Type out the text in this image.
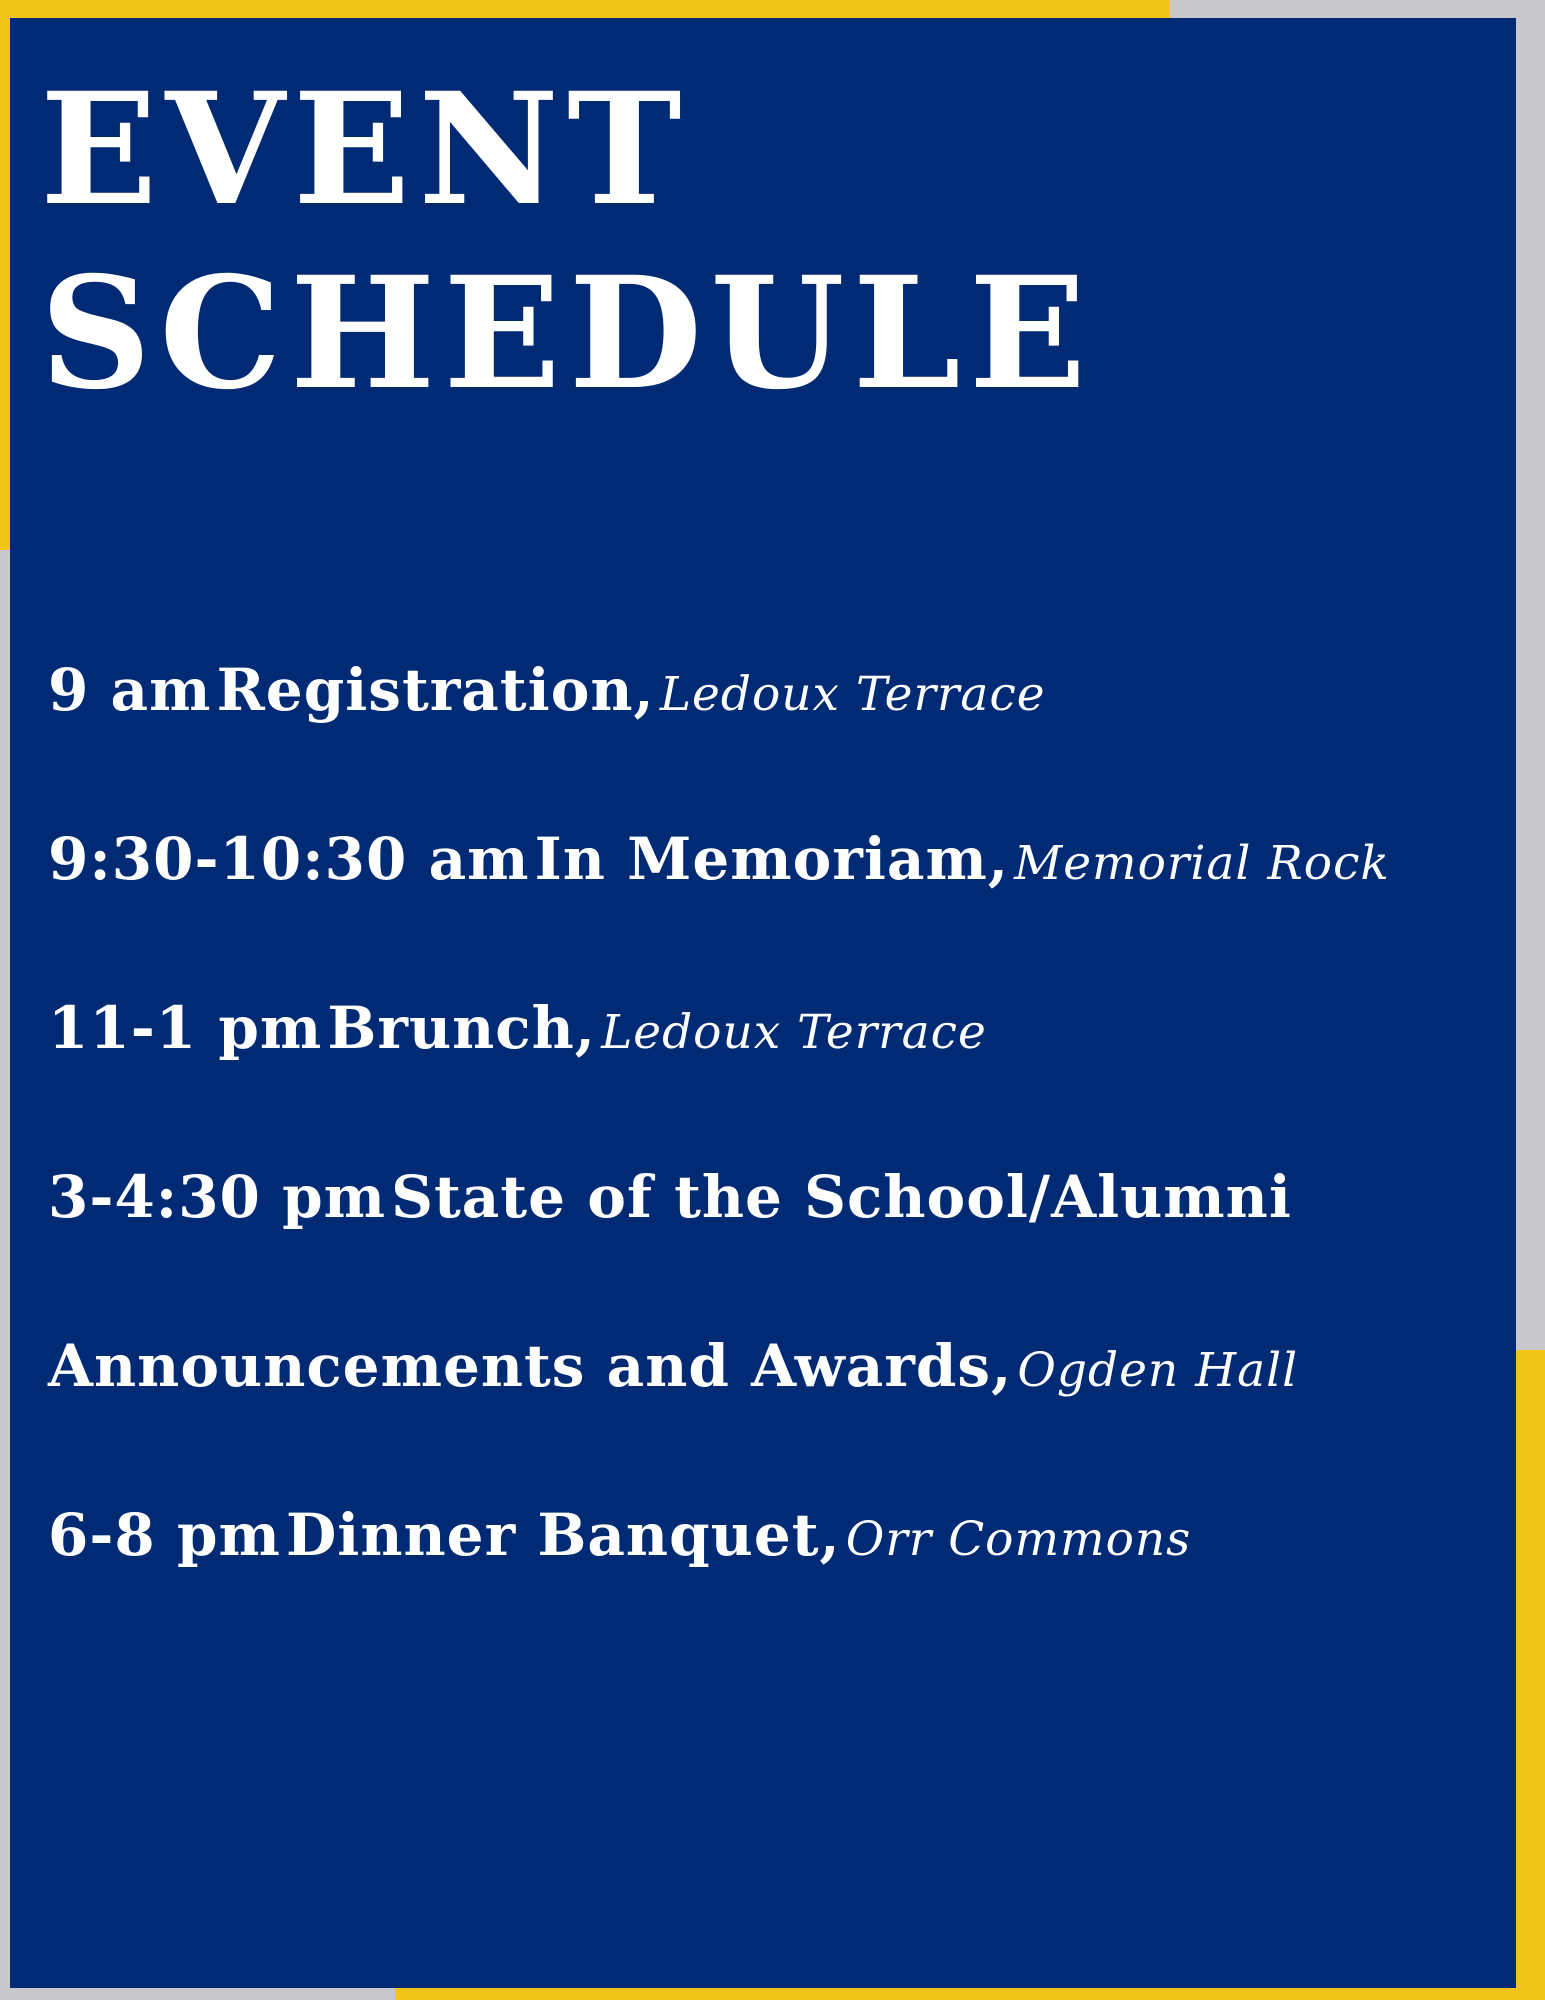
EVENT
SCHEDULE
9 am Registration, Ledoux Terrace
9:30-10:30 am In Memoriam, Memorial Rock
11-1 pm Brunch, Ledoux Terrace
3-4:30 pm State of the School/Alumni
Announcements and Awards, Ogden Hall
6-8 pm Dinner Banquet, Orr Commons
